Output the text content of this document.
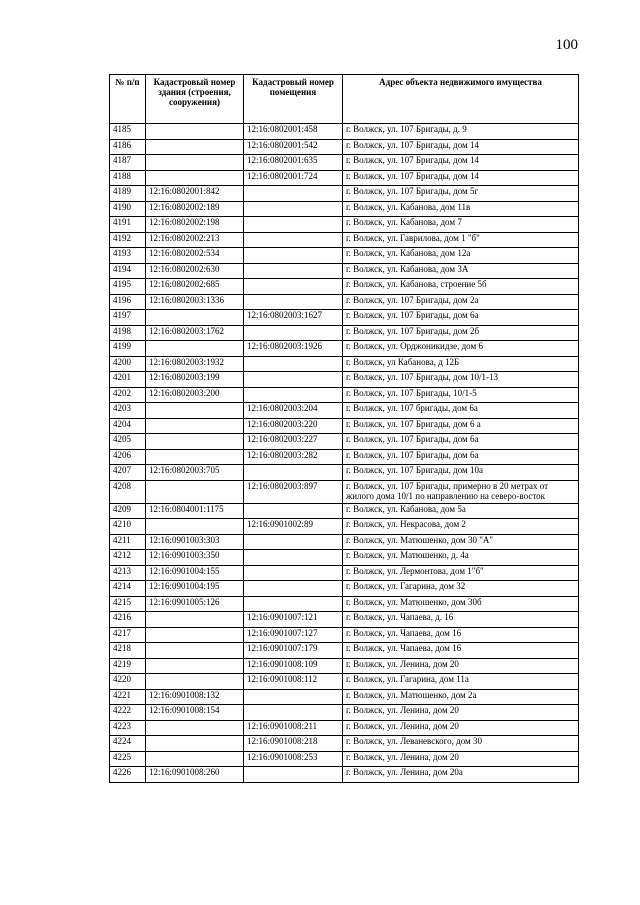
100
№ п/п	Кадастровый номер здания (строения, сооружения)	Кадастровый номер помещения	Адрес объекта недвижимого имущества
4185		12:16:0802001:458	г. Волжск, ул. 107 Бригады, д. 9
4186		12:16:0802001:542	г. Волжск, ул. 107 Бригады, дом 14
4187		12:16:0802001:635	г. Волжск, ул. 107 Бригады, дом 14
4188		12:16:0802001:724	г. Волжск, ул. 107 Бригады, дом 14
4189	12:16:0802001:842		г. Волжск, ул. 107 Бригады, дом 5г
4190	12:16:0802002:189		г. Волжск, ул. Кабанова, дом 11в
4191	12:16:0802002:198		г. Волжск, ул. Кабанова, дом 7
4192	12:16:0802002:213		г. Волжск, ул. Гаврилова, дом 1 "б"
4193	12:16:0802002:534		г. Волжск, ул. Кабанова, дом 12а
4194	12:16:0802002:630		г. Волжск, ул. Кабанова, дом 3А
4195	12:16:0802002:685		г. Волжск, ул. Кабанова, строение 5б
4196	12:16:0802003:1336		г. Волжск, ул. 107 Бригады, дом 2а
4197		12:16:0802003:1627	г. Волжск, ул. 107 Бригады, дом 6а
4198	12:16:0802003:1762		г. Волжск, ул. 107 Бригады, дом 2б
4199		12:16:0802003:1926	г. Волжск, ул. Орджоникидзе, дом 6
4200	12:16:0802003:1932		г. Волжск, ул Кабанова, д 12Б
4201	12:16:0802003:199		г. Волжск, ул. 107 Бригады, дом 10/1-13
4202	12:16:0802003:200		г. Волжск, ул. 107 Бригады, 10/1-5
4203		12:16:0802003:204	г. Волжск, ул. 107 бригады, дом 6а
4204		12:16:0802003:220	г. Волжск, ул. 107 Бригады, дом 6 а
4205		12:16:0802003:227	г. Волжск, ул. 107 Бригады, дом 6а
4206		12:16:0802003:282	г. Волжск, ул. 107 Бригады, дом 6а
4207	12:16:0802003:705		г. Волжск, ул. 107 Бригады, дом 10а
4208		12:16:0802003:897	г. Волжск, ул. 107 Бригады, примерно в 20 метрах от жилого дома 10/1 по направлению на северо-восток
4209	12:16:0804001:1175		г. Волжск, ул. Кабанова, дом 5а
4210		12:16:0901002:89	г. Волжск, ул. Некрасова, дом 2
4211	12:16:0901003:303		г. Волжск, ул. Матюшенко, дом 30 "А"
4212	12:16:0901003:350		г. Волжск, ул. Матюшенко, д. 4а
4213	12:16:0901004:155		г. Волжск, ул. Лермонтова, дом 1"б"
4214	12:16:0901004:195		г. Волжск, ул. Гагарина, дом 32
4215	12:16:0901005:126		г. Волжск, ул. Матюшенко, дом 30б
4216		12:16:0901007:121	г. Волжск, ул. Чапаева, д. 16
4217		12:16:0901007:127	г. Волжск, ул. Чапаева, дом 16
4218		12:16:0901007:179	г. Волжск, ул. Чапаева, дом 16
4219		12:16:0901008:109	г. Волжск, ул. Ленина, дом 20
4220		12:16:0901008:112	г. Волжск, ул. Гагарина, дом 11а
4221	12:16:0901008:132		г. Волжск, ул. Матюшенко, дом 2а
4222	12:16:0901008:154		г. Волжск, ул. Ленина, дом 20
4223		12:16:0901008:211	г. Волжск, ул. Ленина, дом 20
4224		12:16:0901008:218	г. Волжск, ул. Леваневского, дом 30
4225		12:16:0901008:253	г. Волжск, ул. Ленина, дом 20
4226	12:16:0901008:260		г. Волжск, ул. Ленина, дом 20а
